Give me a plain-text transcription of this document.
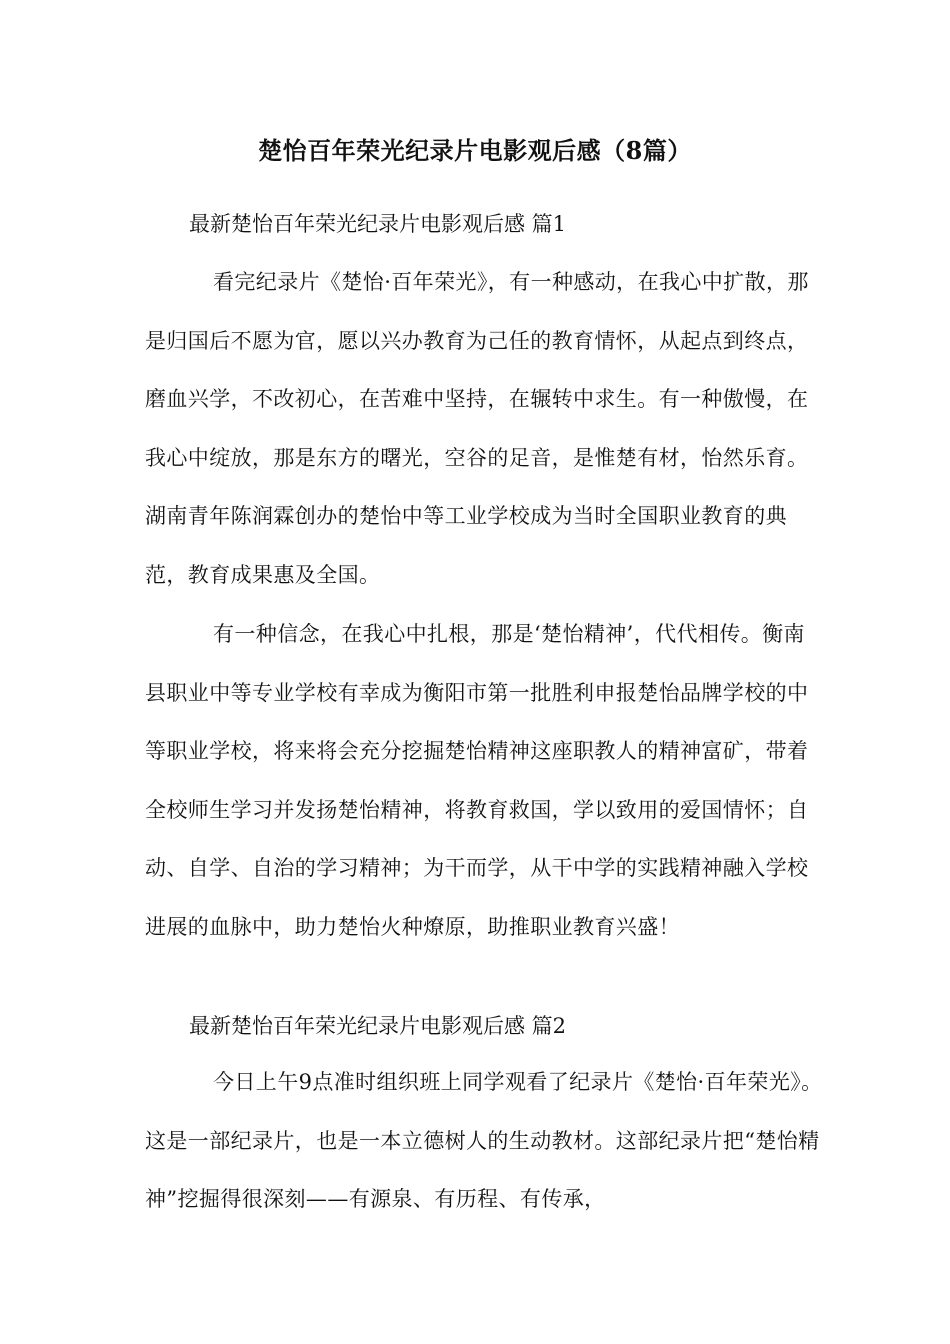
楚怡百年荣光纪录片电影观后感（8篇）
最新楚怡百年荣光纪录片电影观后感 篇1

看完纪录片《楚怡·百年荣光》，有一种感动，在我心中扩散，那是归国后不愿为官，愿以兴办教育为己任的教育情怀，从起点到终点，磨血兴学，不改初心，在苦难中坚持，在辗转中求生。有一种傲慢，在我心中绽放，那是东方的曙光，空谷的足音，是惟楚有材，怡然乐育。湖南青年陈润霖创办的楚怡中等工业学校成为当时全国职业教育的典范，教育成果惠及全国。

有一种信念，在我心中扎根，那是‘楚怡精神’，代代相传。衡南县职业中等专业学校有幸成为衡阳市第一批胜利申报楚怡品牌学校的中等职业学校，将来将会充分挖掘楚怡精神这座职教人的精神富矿，带着全校师生学习并发扬楚怡精神，将教育救国，学以致用的爱国情怀；自动、自学、自治的学习精神；为干而学，从干中学的实践精神融入学校进展的血脉中，助力楚怡火种燎原，助推职业教育兴盛！

最新楚怡百年荣光纪录片电影观后感 篇2

今日上午9点准时组织班上同学观看了纪录片《楚怡·百年荣光》。这是一部纪录片，也是一本立德树人的生动教材。这部纪录片把“楚怡精神”挖掘得很深刻——有源泉、有历程、有传承，
